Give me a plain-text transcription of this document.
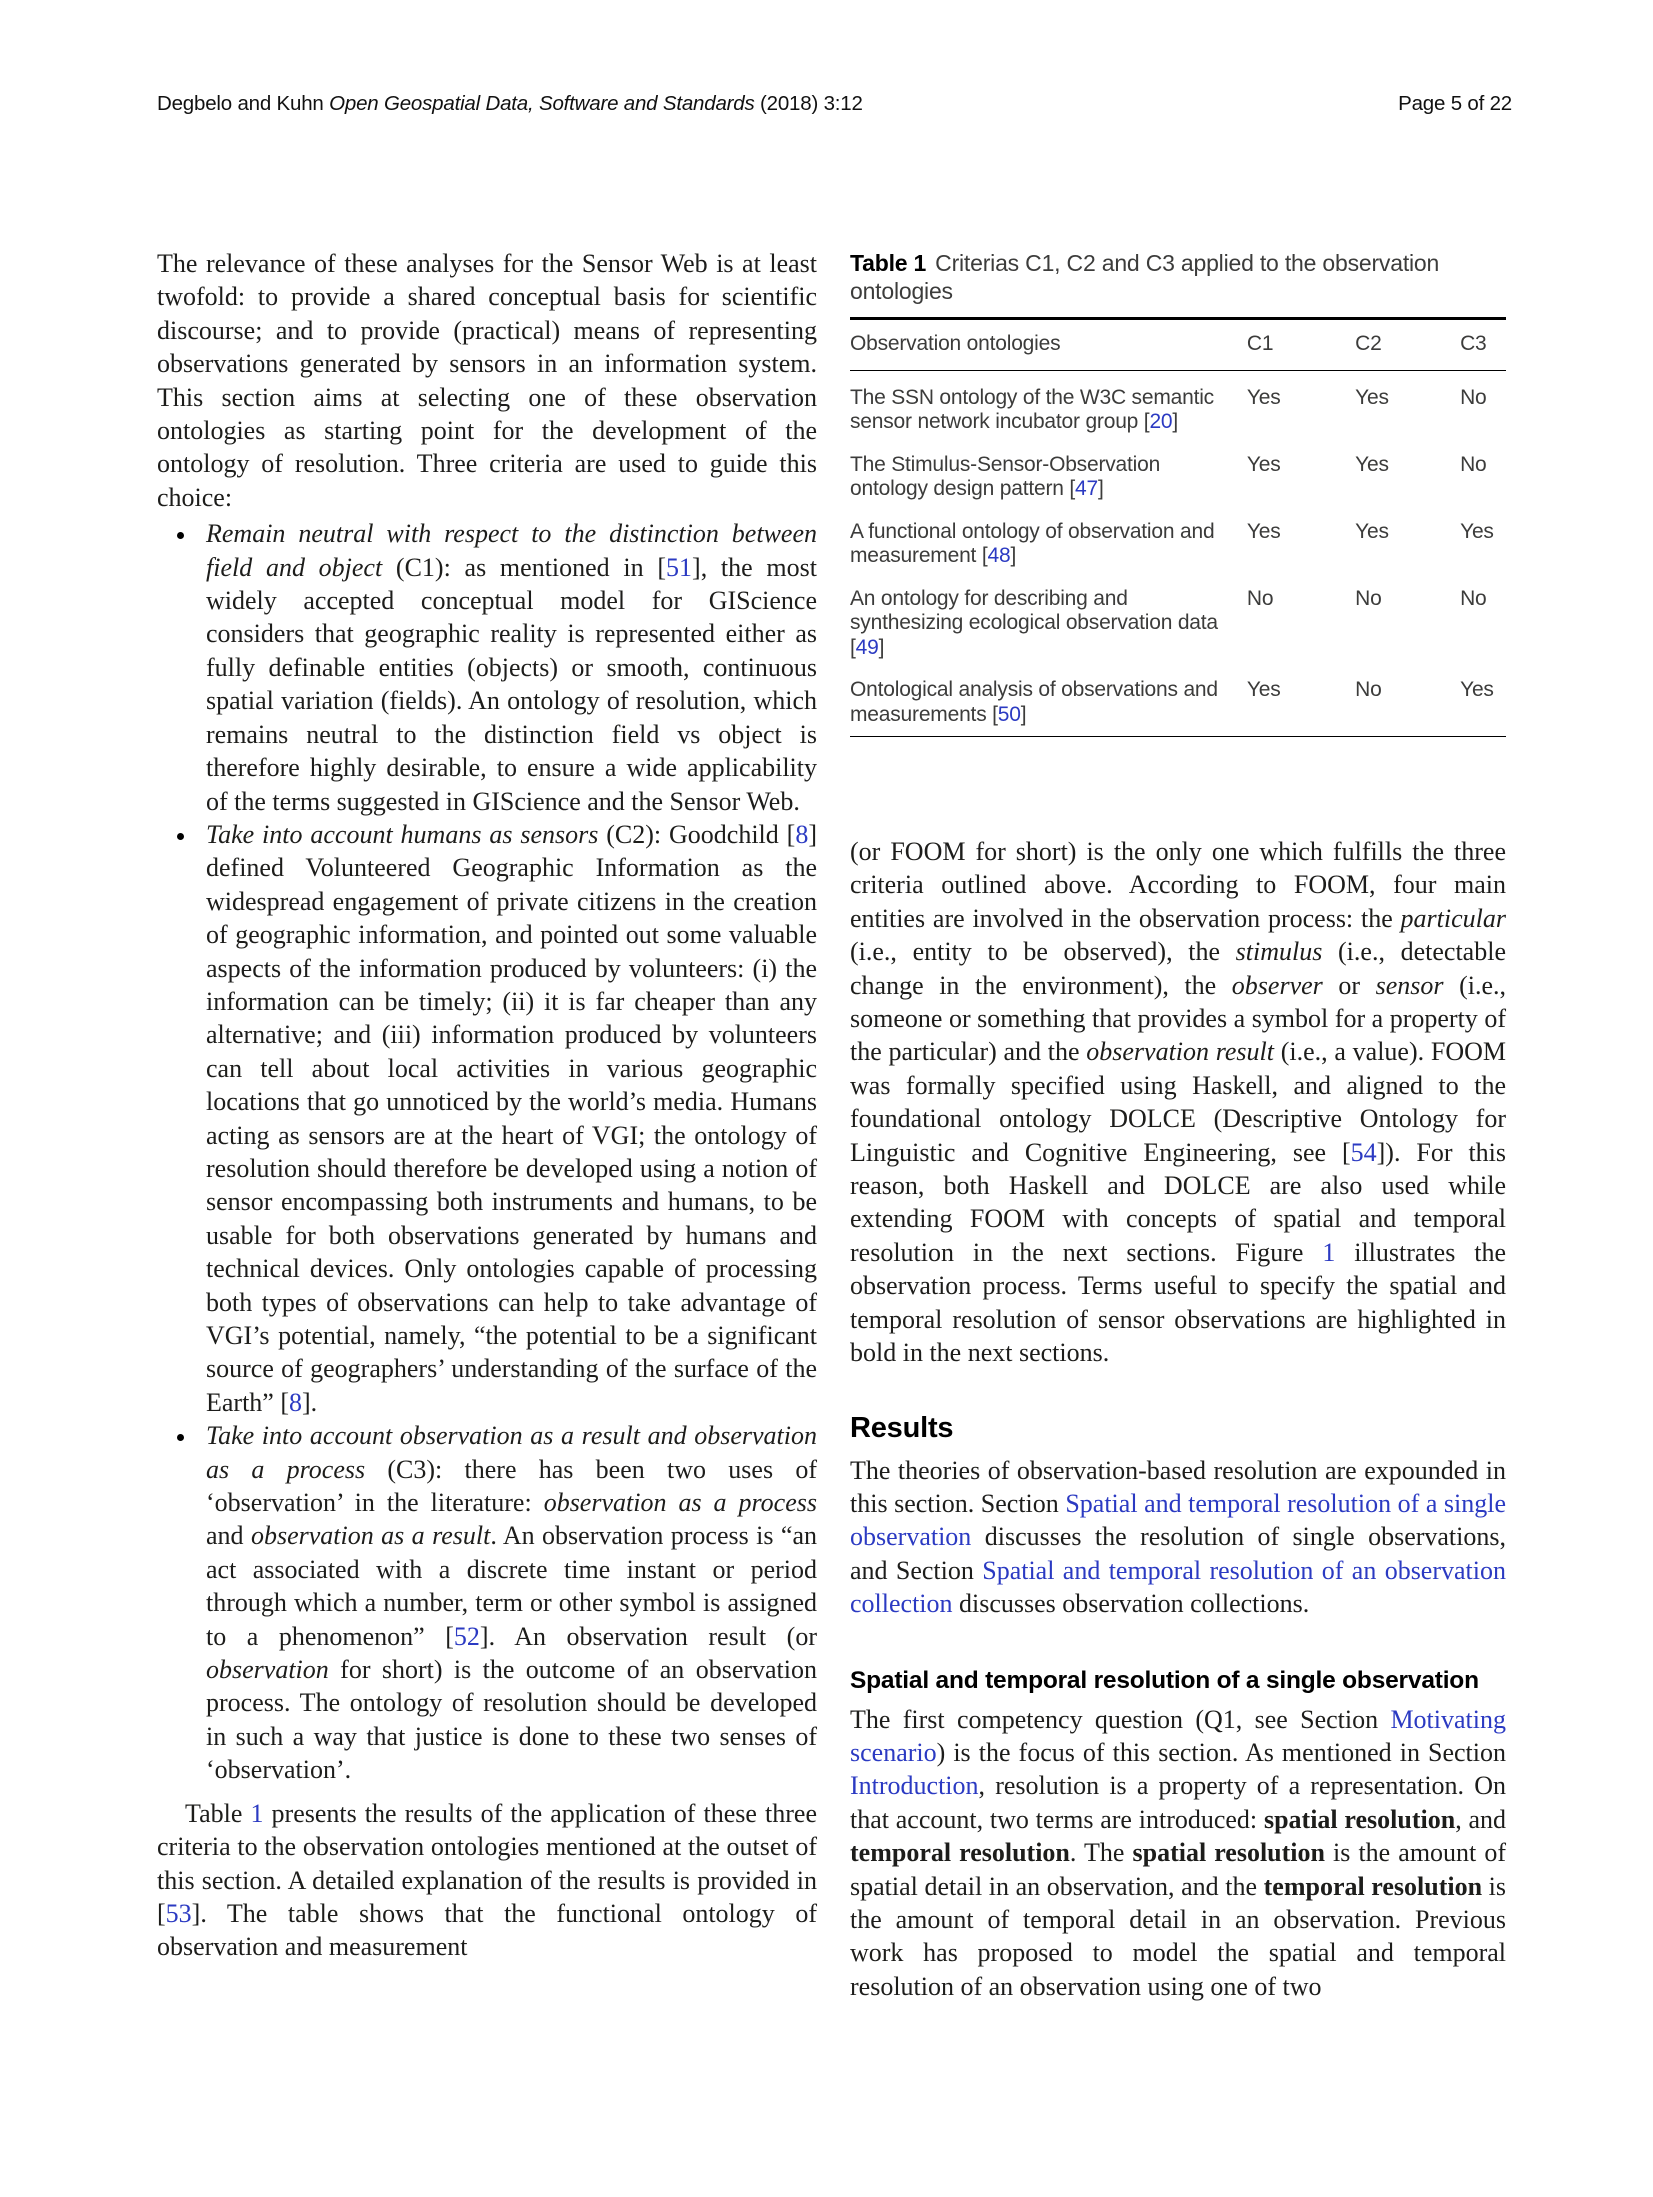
Degbelo and Kuhn Open Geospatial Data, Software and Standards (2018) 3:12	Page 5 of 22

The relevance of these analyses for the Sensor Web is at least twofold: to provide a shared conceptual basis for scientific discourse; and to provide (practical) means of representing observations generated by sensors in an information system. This section aims at selecting one of these observation ontologies as starting point for the development of the ontology of resolution. Three criteria are used to guide this choice:

• Remain neutral with respect to the distinction between field and object (C1): as mentioned in [51], the most widely accepted conceptual model for GIScience considers that geographic reality is represented either as fully definable entities (objects) or smooth, continuous spatial variation (fields). An ontology of resolution, which remains neutral to the distinction field vs object is therefore highly desirable, to ensure a wide applicability of the terms suggested in GIScience and the Sensor Web.
• Take into account humans as sensors (C2): Goodchild [8] defined Volunteered Geographic Information as the widespread engagement of private citizens in the creation of geographic information, and pointed out some valuable aspects of the information produced by volunteers: (i) the information can be timely; (ii) it is far cheaper than any alternative; and (iii) information produced by volunteers can tell about local activities in various geographic locations that go unnoticed by the world’s media. Humans acting as sensors are at the heart of VGI; the ontology of resolution should therefore be developed using a notion of sensor encompassing both instruments and humans, to be usable for both observations generated by humans and technical devices. Only ontologies capable of processing both types of observations can help to take advantage of VGI’s potential, namely, “the potential to be a significant source of geographers’ understanding of the surface of the Earth” [8].
• Take into account observation as a result and observation as a process (C3): there has been two uses of ‘observation’ in the literature: observation as a process and observation as a result. An observation process is “an act associated with a discrete time instant or period through which a number, term or other symbol is assigned to a phenomenon” [52]. An observation result (or observation for short) is the outcome of an observation process. The ontology of resolution should be developed in such a way that justice is done to these two senses of ‘observation’.

Table 1 presents the results of the application of these three criteria to the observation ontologies mentioned at the outset of this section. A detailed explanation of the results is provided in [53]. The table shows that the functional ontology of observation and measurement

Table 1 Criterias C1, C2 and C3 applied to the observation ontologies
Observation ontologies	C1	C2	C3
The SSN ontology of the W3C semantic sensor network incubator group [20]	Yes	Yes	No
The Stimulus-Sensor-Observation ontology design pattern [47]	Yes	Yes	No
A functional ontology of observation and measurement [48]	Yes	Yes	Yes
An ontology for describing and synthesizing ecological observation data [49]	No	No	No
Ontological analysis of observations and measurements [50]	Yes	No	Yes

(or FOOM for short) is the only one which fulfills the three criteria outlined above. According to FOOM, four main entities are involved in the observation process: the particular (i.e., entity to be observed), the stimulus (i.e., detectable change in the environment), the observer or sensor (i.e., someone or something that provides a symbol for a property of the particular) and the observation result (i.e., a value). FOOM was formally specified using Haskell, and aligned to the foundational ontology DOLCE (Descriptive Ontology for Linguistic and Cognitive Engineering, see [54]). For this reason, both Haskell and DOLCE are also used while extending FOOM with concepts of spatial and temporal resolution in the next sections. Figure 1 illustrates the observation process. Terms useful to specify the spatial and temporal resolution of sensor observations are highlighted in bold in the next sections.

Results

The theories of observation-based resolution are expounded in this section. Section Spatial and temporal resolution of a single observation discusses the resolution of single observations, and Section Spatial and temporal resolution of an observation collection discusses observation collections.

Spatial and temporal resolution of a single observation

The first competency question (Q1, see Section Motivating scenario) is the focus of this section. As mentioned in Section Introduction, resolution is a property of a representation. On that account, two terms are introduced: spatial resolution, and temporal resolution. The spatial resolution is the amount of spatial detail in an observation, and the temporal resolution is the amount of temporal detail in an observation. Previous work has proposed to model the spatial and temporal resolution of an observation using one of two
